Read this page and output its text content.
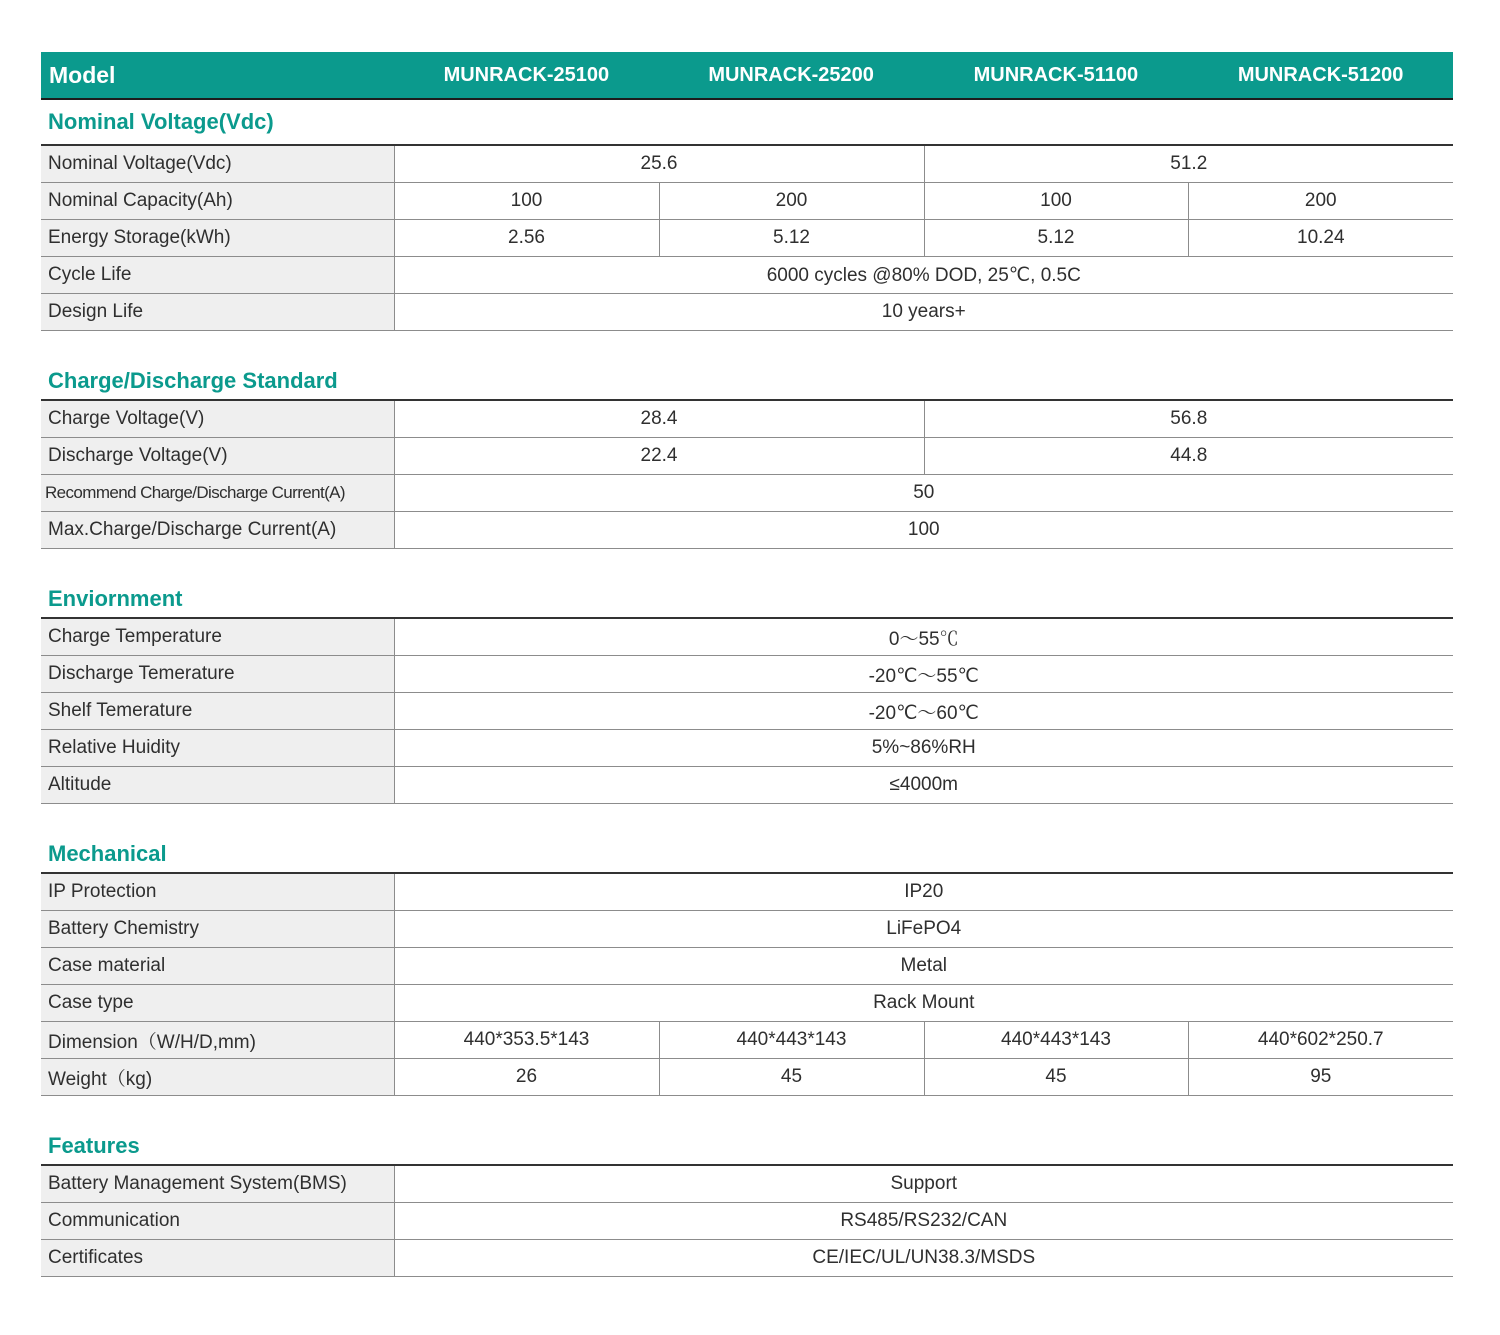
Model	MUNRACK-25100	MUNRACK-25200	MUNRACK-51100	MUNRACK-51200
Nominal Voltage(Vdc)
Nominal Voltage(Vdc)	25.6		51.2	
Nominal Capacity(Ah)	100	200	100	200
Energy Storage(kWh)	2.56	5.12	5.12	10.24
Cycle Life	6000 cycles @80% DOD, 25℃, 0.5C			
Design Life	10 years+			
Charge/Discharge Standard
Charge Voltage(V)	28.4	56.8
Discharge Voltage(V)	22.4	44.8
Recommend Charge/Discharge Current(A)	50	
Max.Charge/Discharge Current(A)	100	
Enviornment
Charge Temperature	0～55℃
Discharge Temerature	-20℃～55℃
Shelf Temerature	-20℃～60℃
Relative Huidity	5%~86%RH
Altitude	≤4000m
Mechanical
IP Protection	IP20			
Battery Chemistry	LiFePO4			
Case material	Metal			
Case type	Rack Mount			
Dimension（W/H/D,mm)	440*353.5*143	440*443*143	440*443*143	440*602*250.7
Weight（kg)	26	45	45	95
Features
Battery Management System(BMS)	Support
Communication	RS485/RS232/CAN
Certificates	CE/IEC/UL/UN38.3/MSDS
